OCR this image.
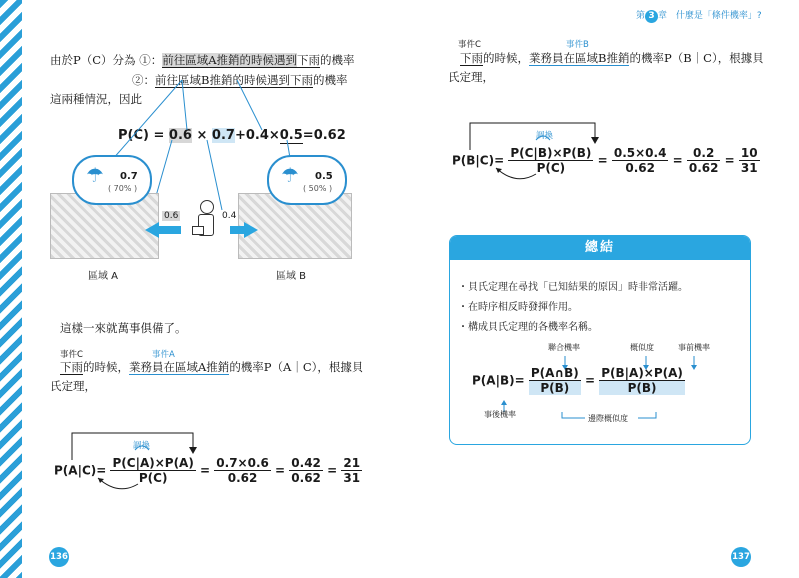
第 3 章 什麼是「條件機率」?
由於P（C）分為 ①：前往區域A推銷的時候遇到下雨的機率
②：前往區域B推銷的時候遇到下雨的機率
這兩種情況，因此
P(C) = 0.6 × 0.7+0.4×0.5=0.62
☂ 0.7
( 70% )
☂ 0.5
( 50% )
0.6	0.4
區域 A	區域 B
這樣一來就萬事俱備了。
事件C	事件A
下雨的時候，業務員在區域A推銷的機率P（A｜C），根據貝
氏定理，
調換
$P(A|C)= \frac{P(C|A)\times P(A)}{P(C)} = \frac{0.7\times 0.6}{0.62} = \frac{0.42}{0.62} = \frac{21}{31}$
136
事件C	事件B
下雨的時候，業務員在區域B推銷的機率P（B｜C），根據貝
氏定理，
調換
$P(B|C)= \frac{P(C|B)\times P(B)}{P(C)} = \frac{0.5\times 0.4}{0.62} = \frac{0.2}{0.62} = \frac{10}{31}$
總結
・貝氏定理在尋找「已知結果的原因」時非常活躍。
・在時序相反時發揮作用。
・構成貝氏定理的各機率名稱。
聯合機率	概似度	事前機率
$P(A|B)= \frac{P(A\cap B)}{P(B)} = \frac{P(B|A)\times P(A)}{P(B)}$
事後機率	邊際概似度
137
